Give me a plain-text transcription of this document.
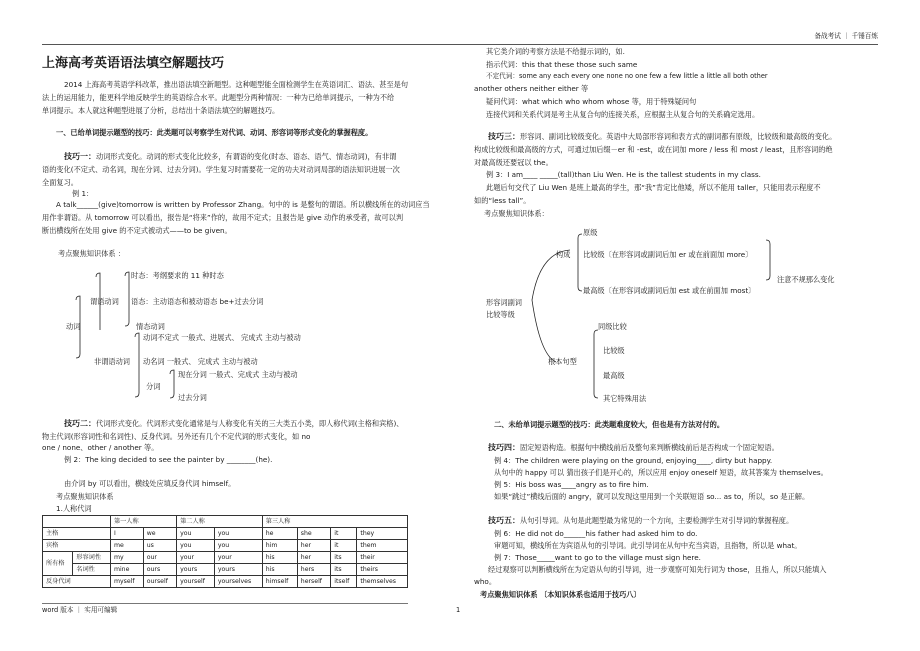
备战考试 ｜ 千锤百炼
上海高考英语语法填空解题技巧
2014 上海高考英语学科改革，推出语法填空新题型。这种题型能全面检测学生在英语词汇、语法、甚至是句
法上的运用能力，能更科学地反映学生的英语综合水平。此题型分两种情况：一种为已给单词提示，一种为不给
单词提示。本人就这种题型进展了分析，总结出十条语法填空的解题技巧。
一、已给单词提示题型的技巧：此类题可以考察学生对代词、动词、形容词等形式变化的掌握程度。
技巧一：动词形式变化。动词的形式变化比较多，有谓语的变化(时态、语态、语气、情态动词)，有非谓
语的变化(不定式、动名词，现在分词、过去分词)。学生复习时需要花一定的功夫对动词局部的语法知识进展一次
全面复习。
例 1：
A talk______(give)tomorrow is written by Professor Zhang。句中的 is 是整句的谓语。所以横线所在的动词应当
用作非谓语。从 tomorrow 可以看出，报告是“将来”作的，故用不定式；且报告是 give 动作的承受者，故可以判
断出横线所在处用 give 的不定式被动式——to be given。
考点聚焦知识体系 ：
时态：考纲要求的 11 种时态
谓语动词 语态：主动语态和被动语态 be+过去分词
动词	情态动词
动词不定式 一般式、进展式、 完成式 主动与被动
非谓语动词 动名词 一般式、 完成式 主动与被动
现在分词 一般式、完成式 主动与被动
分词
过去分词
技巧二：代词形式变化。代词形式变化通常是与人称变化有关的三大类五小类，即人称代词(主格和宾格)、
物主代词(形容词性和名词性)、反身代词。另外还有几个不定代词的形式变化，如 no
one / none、other / another 等。
例 2：The king decided to see the painter by ________(he).
由介词 by 可以看出，横线处应填反身代词 himself。
考点聚焦知识体系
1.人称代词
		第一人称		第二人称		第三人称			
主格		I	we	you	you	he	she	it	they
宾格		me	us	you	you	him	her	it	them
所有格	形容词性	my	our	your	your	his	her	its	their
	名词性	mine	ours	yours	yours	his	hers	its	theirs
反身代词		myself	ourself	yourself	yourselves	himself	herself	itself	themselves
word 版本 ｜ 实用可编辑	1
其它类介词的考察方法是不给提示词的，如.
指示代词：this that these those such same
不定代词：some any each every one none no one few a few little a little all both other
another others neither either 等
疑问代词：what which who whom whose 等，用于特殊疑问句
连接代词和关系代词是考主从复合句的连接关系，应根据主从复合句的关系确定选用。
技巧三：形容词、副词比较级变化。英语中大局部形容词和表方式的副词都有原级，比较级和最高级的变化。
构成比较级和最高级的方式，可通过加后缀－er 和 -est，或在词加 more / less 和 most / least，且形容词的绝
对最高级还要冠以 the。
例 3：I am____ _____(tall)than Liu Wen. He is the tallest students in my class.
此题后句交代了 Liu Wen 是班上最高的学生，那“我”肯定比他矮，所以不能用 taller，只能用表示程度不
如的“less tall”。
考点聚焦知识体系：
原级
构成 比较级〔在形容词或副词后加 er 或在前面加 more〕
注意不规那么变化
最高级〔在形容词或副词后加 est 或在前面加 most〕
形容词副词
比较等级
同级比较
比较级
根本句型
最高级
其它特殊用法
二、未给单词提示题型的技巧：此类题难度较大，但也是有方法对付的。
技巧四：固定短语构造。根据句中横线前后及整句来判断横线前后是否构成一个固定短语。
例 4：The children were playing on the ground, enjoying____, dirty but happy.
从句中的 happy 可以 猜出孩子们是开心的，所以应用 enjoy oneself 短语，故其答案为 themselves。
例 5：His boss was____angry as to fire him.
如果“跳过”横线后面的 angry，就可以发现这里用到一个关联短语 so... as to，所以，so 是正解。
技巧五：从句引导词。从句是此题型最为常见的一个方向，主要检测学生对引导词的掌握程度。
例 6：He did not do______his father had asked him to do.
审题可知，横线所在为宾语从句的引导词。此引导词在从句中充当宾语，且指物，所以是 what。
例 7：Those_____want to go to the village must sign here.
经过观察可以判断横线所在为定语从句的引导词，进一步观察可知先行词为 those，且指人，所以只能填入
who。
考点聚焦知识体系 〔本知识体系也适用于技巧八〕
